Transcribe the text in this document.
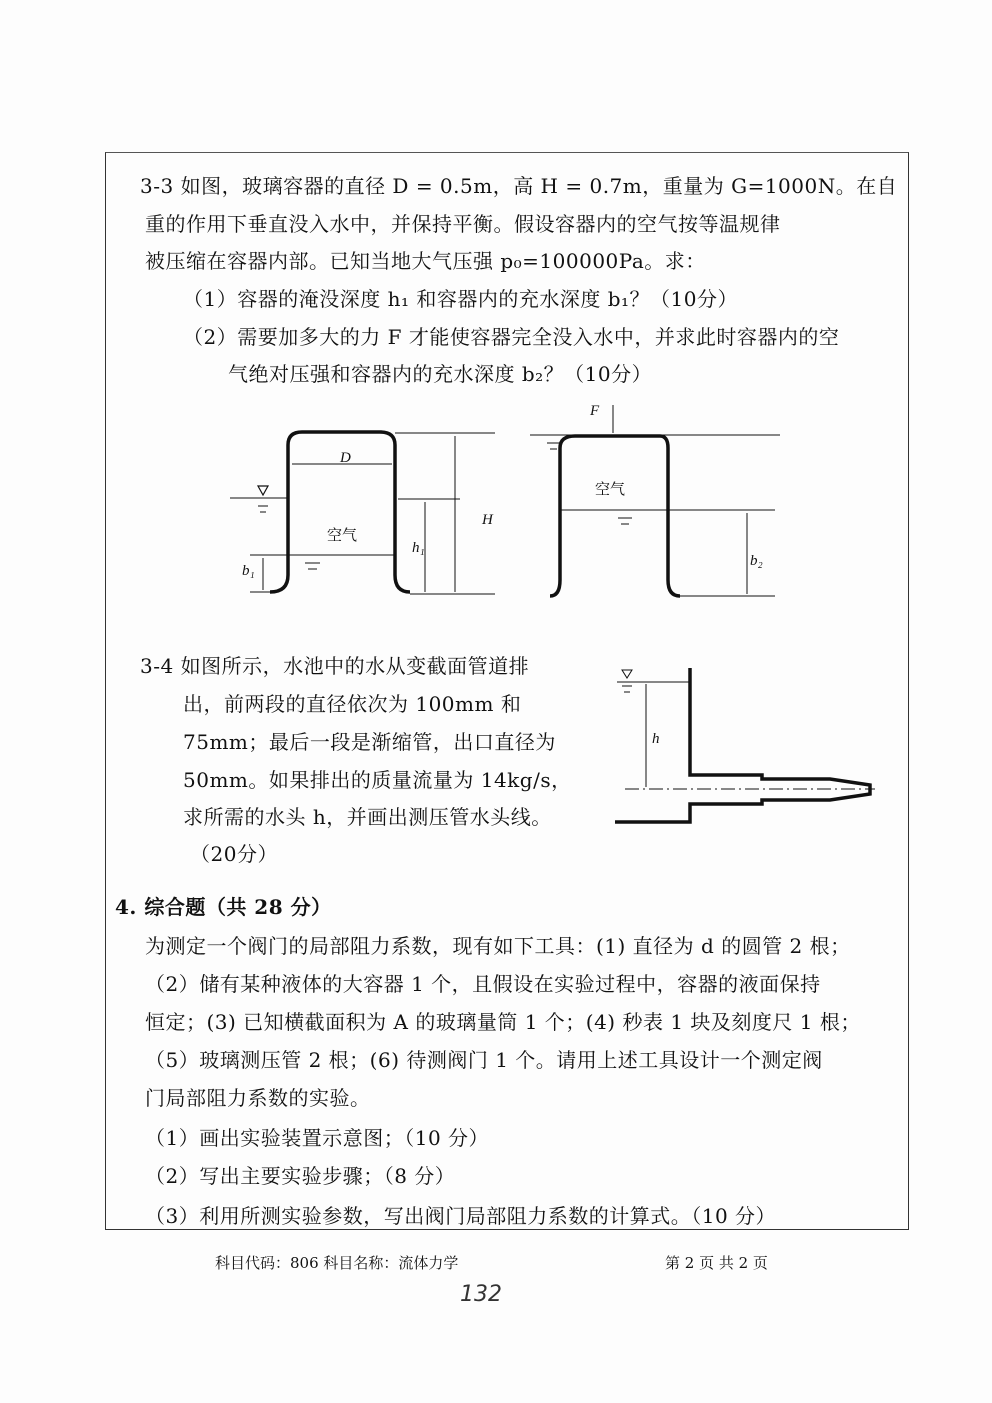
3-3 如图，玻璃容器的直径 D = 0.5m，高 H = 0.7m，重量为 G=1000N。在自
重的作用下垂直没入水中，并保持平衡。假设容器内的空气按等温规律
被压缩在容器内部。已知当地大气压强 p₀=100000Pa。求：
（1）容器的淹没深度 h₁ 和容器内的充水深度 b₁？（10分）
（2）需要加多大的力 F 才能使容器完全没入水中，并求此时容器内的空
气绝对压强和容器内的充水深度 b₂？（10分）
D
H
h₁
b₁
F
b₂
空气
空气
3-4 如图所示，水池中的水从变截面管道排
出，前两段的直径依次为 100mm 和
75mm；最后一段是渐缩管，出口直径为
50mm。如果排出的质量流量为 14kg/s，
求所需的水头 h，并画出测压管水头线。
（20分）
h
4. 综合题（共 28 分）
为测定一个阀门的局部阻力系数，现有如下工具：(1) 直径为 d 的圆管 2 根；
（2）储有某种液体的大容器 1 个，且假设在实验过程中，容器的液面保持
恒定；(3) 已知横截面积为 A 的玻璃量筒 1 个；(4) 秒表 1 块及刻度尺 1 根；
（5）玻璃测压管 2 根；(6) 待测阀门 1 个。请用上述工具设计一个测定阀
门局部阻力系数的实验。
（1）画出实验装置示意图；（10 分）
（2）写出主要实验步骤；（8 分）
（3）利用所测实验参数，写出阀门局部阻力系数的计算式。（10 分）
科目代码：806 科目名称：流体力学	第 2 页 共 2 页
132
